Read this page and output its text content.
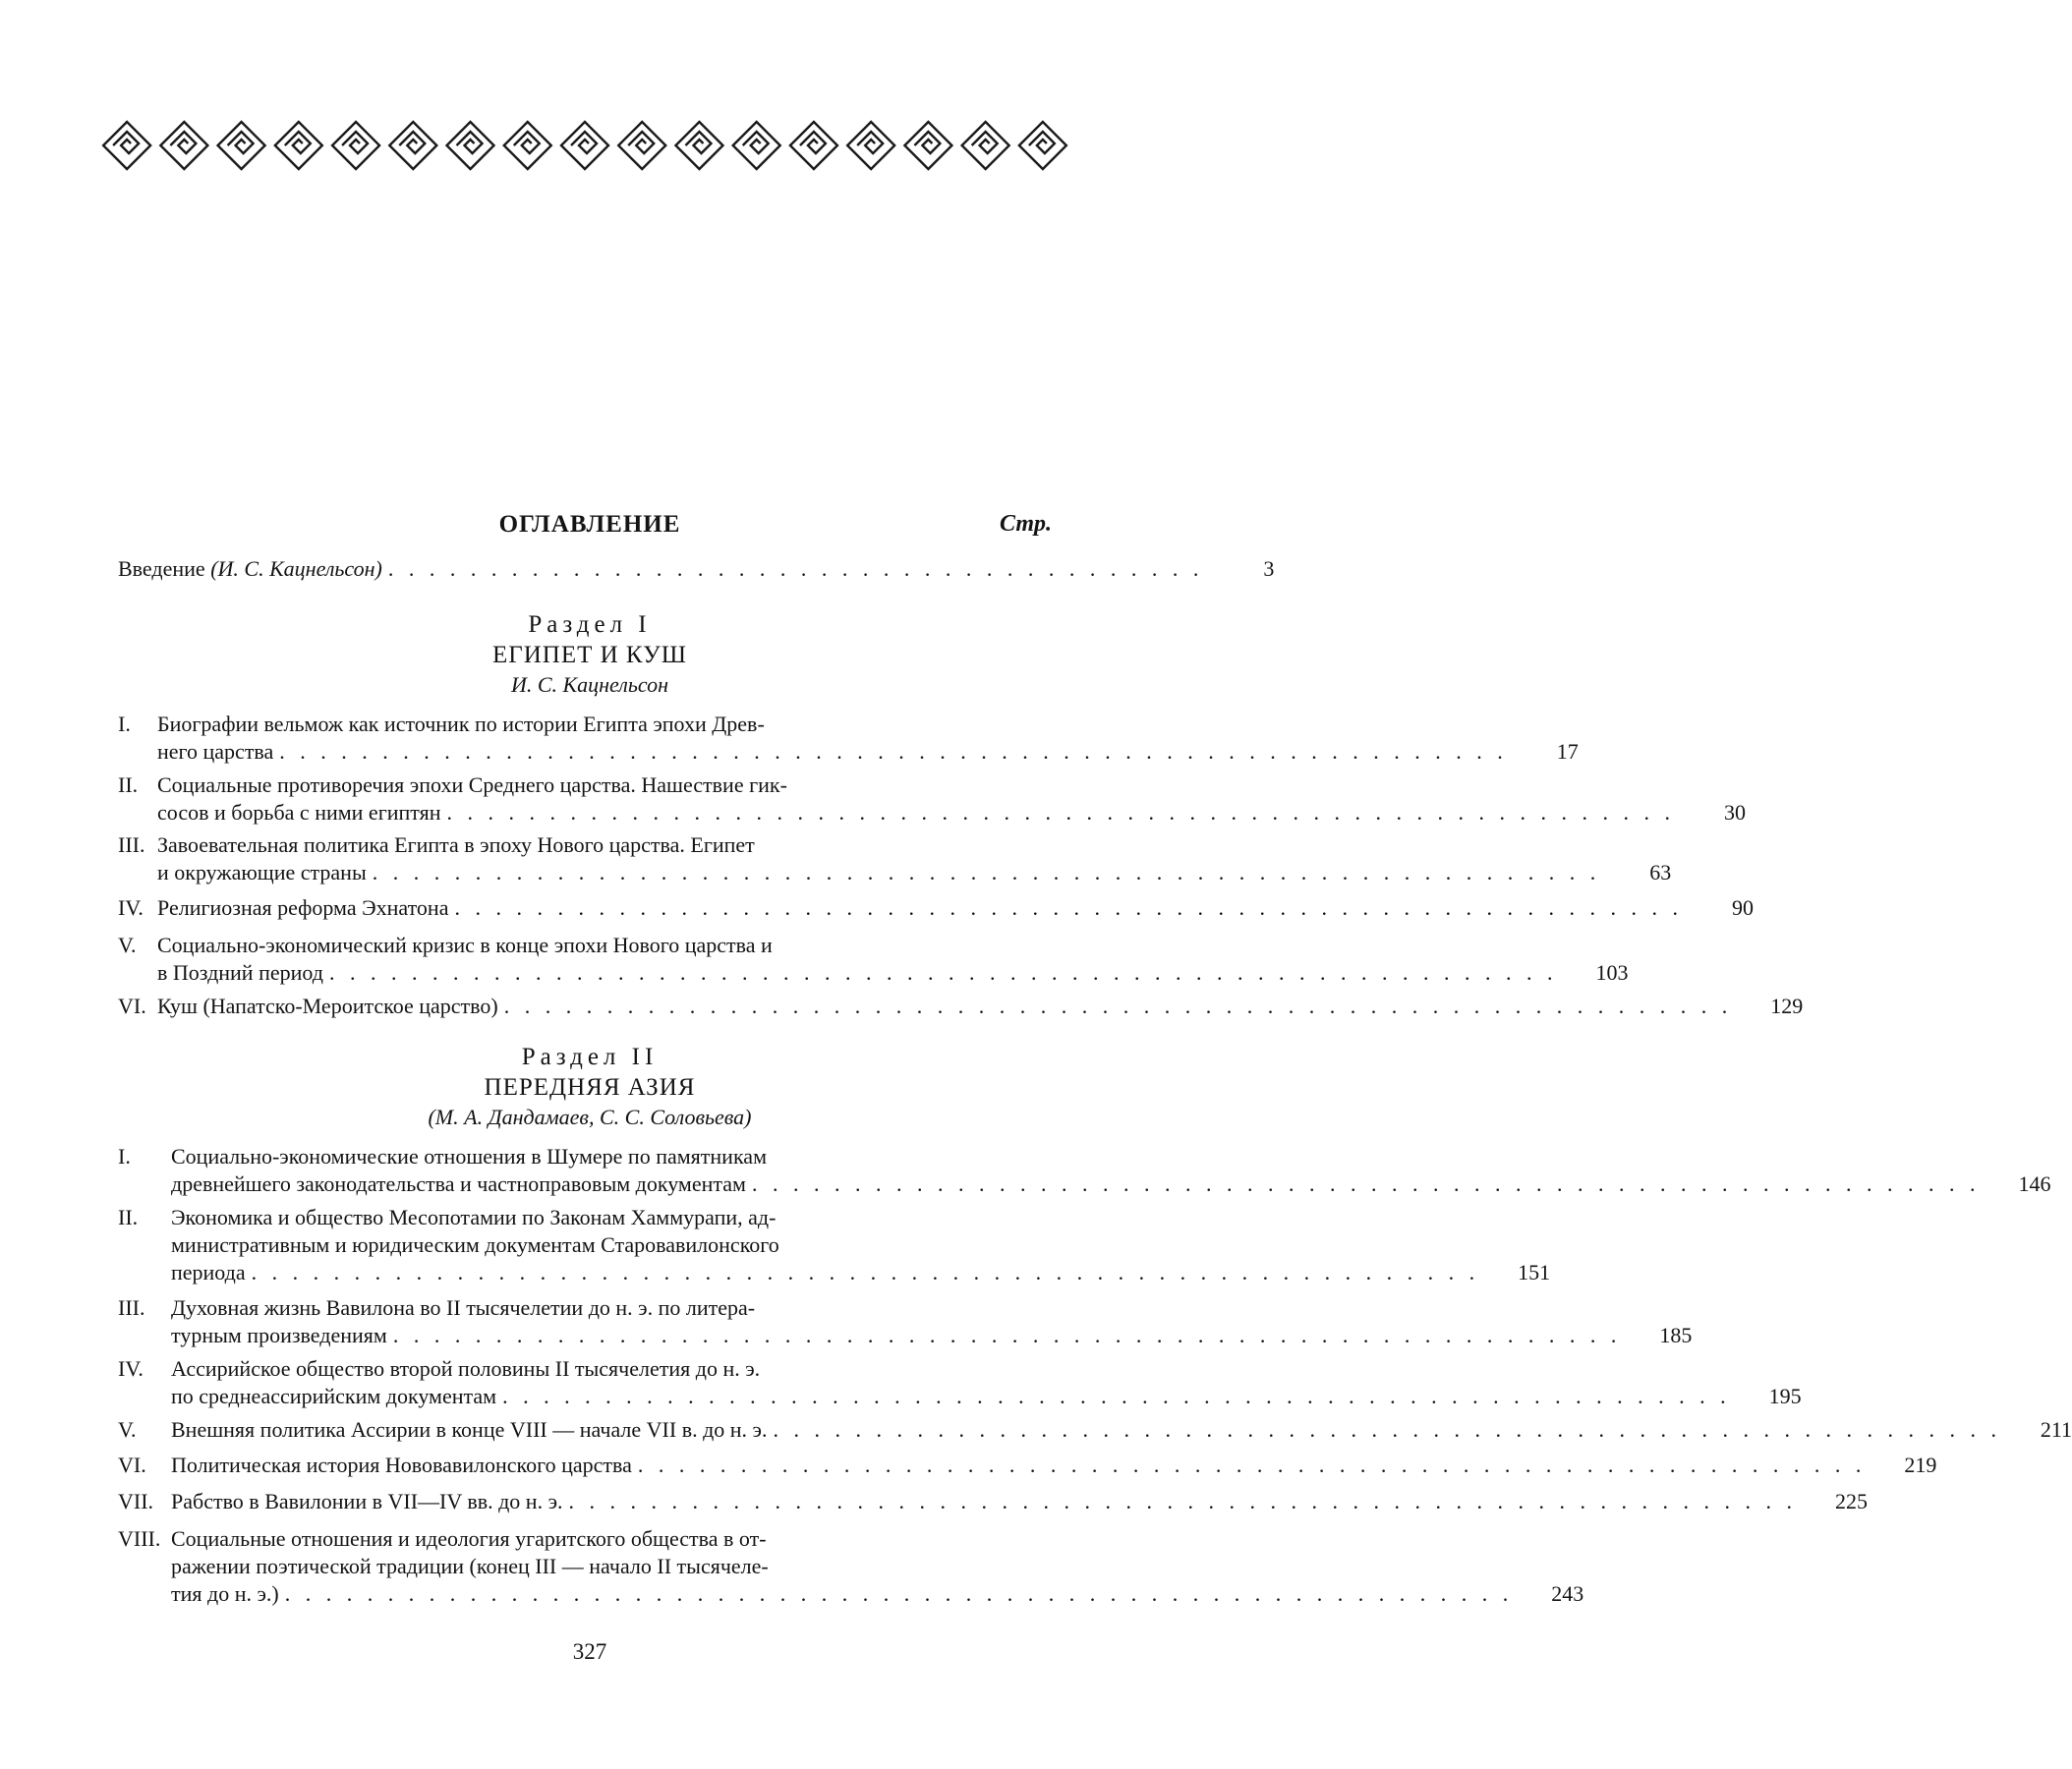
ОГЛАВЛЕНИЕ	Стр.
Введение
(И. С. Кацнельсон) . . . . . . . . . . . . . . . . . . . . . . . . . . . . . . . . . . . . . . . .	3
Раздел I
ЕГИПЕТ И КУШ
И. С. Кацнельсон
Раздел II
ПЕРЕДНЯЯ АЗИЯ
(М. А. Дандамаев, С. С. Соловьева)
I.	Биографии вельмож как источник по истории Египта эпохи Древ-
него царства . . . . . . . . . . . . . . . . . . . . . . . . . . . . . . . . . . . . . . . . . . . . . . . . . . . . . . . . . . . .	17
II. Социальные противоречия эпохи Среднего царства. Нашествие гик-
сосов и борьба с ними египтян . . . . . . . . . . . . . . . . . . . . . . . . . . . . . . . . . . . . . . . . . . . . . . . . . . . . . . . . . . . .	30
III. Завоевательная политика Египта в эпоху Нового царства. Египет
и окружающие страны . . . . . . . . . . . . . . . . . . . . . . . . . . . . . . . . . . . . . . . . . . . . . . . . . . . . . . . . . . . .	63
IV. Религиозная реформа Эхнатона . . . . . . . . . . . . . . . . . . . . . . . . . . . . . . . . . . . . . . . . . . . . . . . . . . . . . . . . . . . .	90
V. Социально-экономический кризис в конце эпохи Нового царства и
в Поздний период . . . . . . . . . . . . . . . . . . . . . . . . . . . . . . . . . . . . . . . . . . . . . . . . . . . . . . . . . . . .	103
VI. Куш (Напатско-Мероитское царство) . . . . . . . . . . . . . . . . . . . . . . . . . . . . . . . . . . . . . . . . . . . . . . . . . . . . . . . . . . . .	129
I.	Социально-экономические отношения в Шумере по памятникам
древнейшего законодательства и частноправовым документам . . . . . . . . . . . . . . . . . . . . . . . . . . . . . . . . . . . . . . . . . . . . . . . . . . . . . . . . . . . .	146
II.	Экономика и общество Месопотамии по Законам Хаммурапи, ад-
министративным и юридическим документам Старовавилонского
периода . . . . . . . . . . . . . . . . . . . . . . . . . . . . . . . . . . . . . . . . . . . . . . . . . . . . . . . . . . . .	151
III.	Духовная жизнь Вавилона во II тысячелетии до н. э. по литера-
турным произведениям . . . . . . . . . . . . . . . . . . . . . . . . . . . . . . . . . . . . . . . . . . . . . . . . . . . . . . . . . . . .	185
IV.	Ассирийское общество второй половины II тысячелетия до н. э.
по среднеассирийским документам . . . . . . . . . . . . . . . . . . . . . . . . . . . . . . . . . . . . . . . . . . . . . . . . . . . . . . . . . . . .	195
V.	Внешняя политика Ассирии в конце VIII — начале VII в. до н. э. . . . . . . . . . . . . . . . . . . . . . . . . . . . . . . . . . . . . . . . . . . . . . . . . . . . . . . . . . . . .	211
VI.	Политическая история Нововавилонского царства . . . . . . . . . . . . . . . . . . . . . . . . . . . . . . . . . . . . . . . . . . . . . . . . . . . . . . . . . . . .	219
VII. Рабство в Вавилонии в VII—IV вв. до н. э. . . . . . . . . . . . . . . . . . . . . . . . . . . . . . . . . . . . . . . . . . . . . . . . . . . . . . . . . . . . .	225
VIII. Социальные отношения и идеология угаритского общества в от-
ражении поэтической традиции (конец III — начало II тысячеле-
тия до н. э.) . . . . . . . . . . . . . . . . . . . . . . . . . . . . . . . . . . . . . . . . . . . . . . . . . . . . . . . . . . . .	243
327
